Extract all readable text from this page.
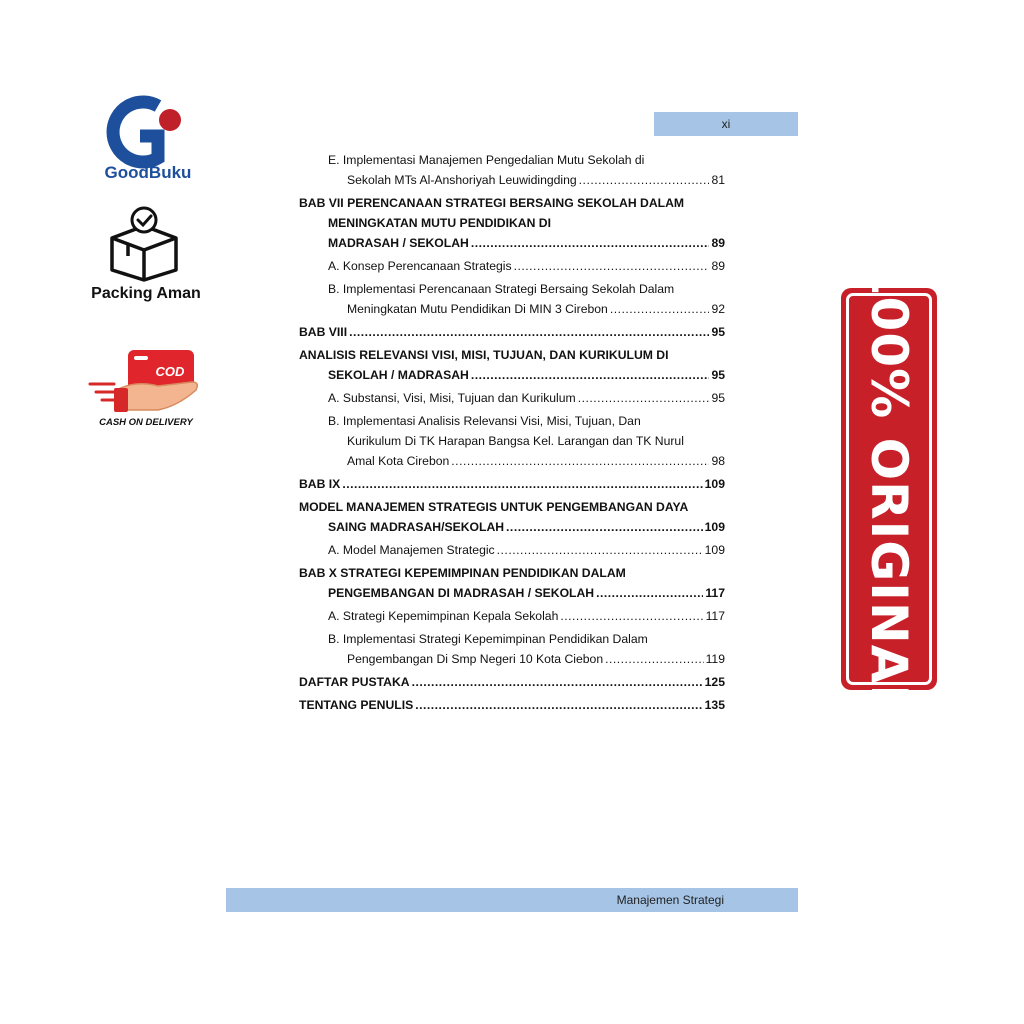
GoodBuku
Packing Aman
COD
CASH ON DELIVERY	100% ORIGINAL
xi
Manajemen Strategi
E. Implementasi Manajemen Pengedalian Mutu Sekolah di
Sekolah MTs Al-Anshoriyah Leuwidingding .....	81
BAB VII PERENCANAAN STRATEGI BERSAING SEKOLAH DALAM
MENINGKATAN MUTU PENDIDIKAN DI
MADRASAH / SEKOLAH .....	89
A. Konsep Perencanaan Strategis .....	89
B. Implementasi Perencanaan Strategi Bersaing Sekolah Dalam
Meningkatan Mutu Pendidikan Di MIN 3 Cirebon .....	92
BAB VIII .....	95
ANALISIS RELEVANSI VISI, MISI, TUJUAN, DAN KURIKULUM DI
SEKOLAH / MADRASAH .....	95
A. Substansi, Visi, Misi, Tujuan dan Kurikulum .....	95
B. Implementasi Analisis Relevansi Visi, Misi, Tujuan, Dan
Kurikulum Di TK Harapan Bangsa Kel. Larangan dan TK Nurul
Amal Kota Cirebon .....	98
BAB IX .....	109
MODEL MANAJEMEN STRATEGIS UNTUK PENGEMBANGAN DAYA
SAING MADRASAH/SEKOLAH .....	109
A. Model Manajemen Strategic .....	109
BAB X STRATEGI KEPEMIMPINAN PENDIDIKAN DALAM
PENGEMBANGAN DI MADRASAH / SEKOLAH .....	117
A. Strategi Kepemimpinan Kepala Sekolah .....	117
B. Implementasi Strategi Kepemimpinan Pendidikan Dalam
Pengembangan Di Smp Negeri 10 Kota Ciebon .....	119
DAFTAR PUSTAKA .....	125
TENTANG PENULIS .....	135
